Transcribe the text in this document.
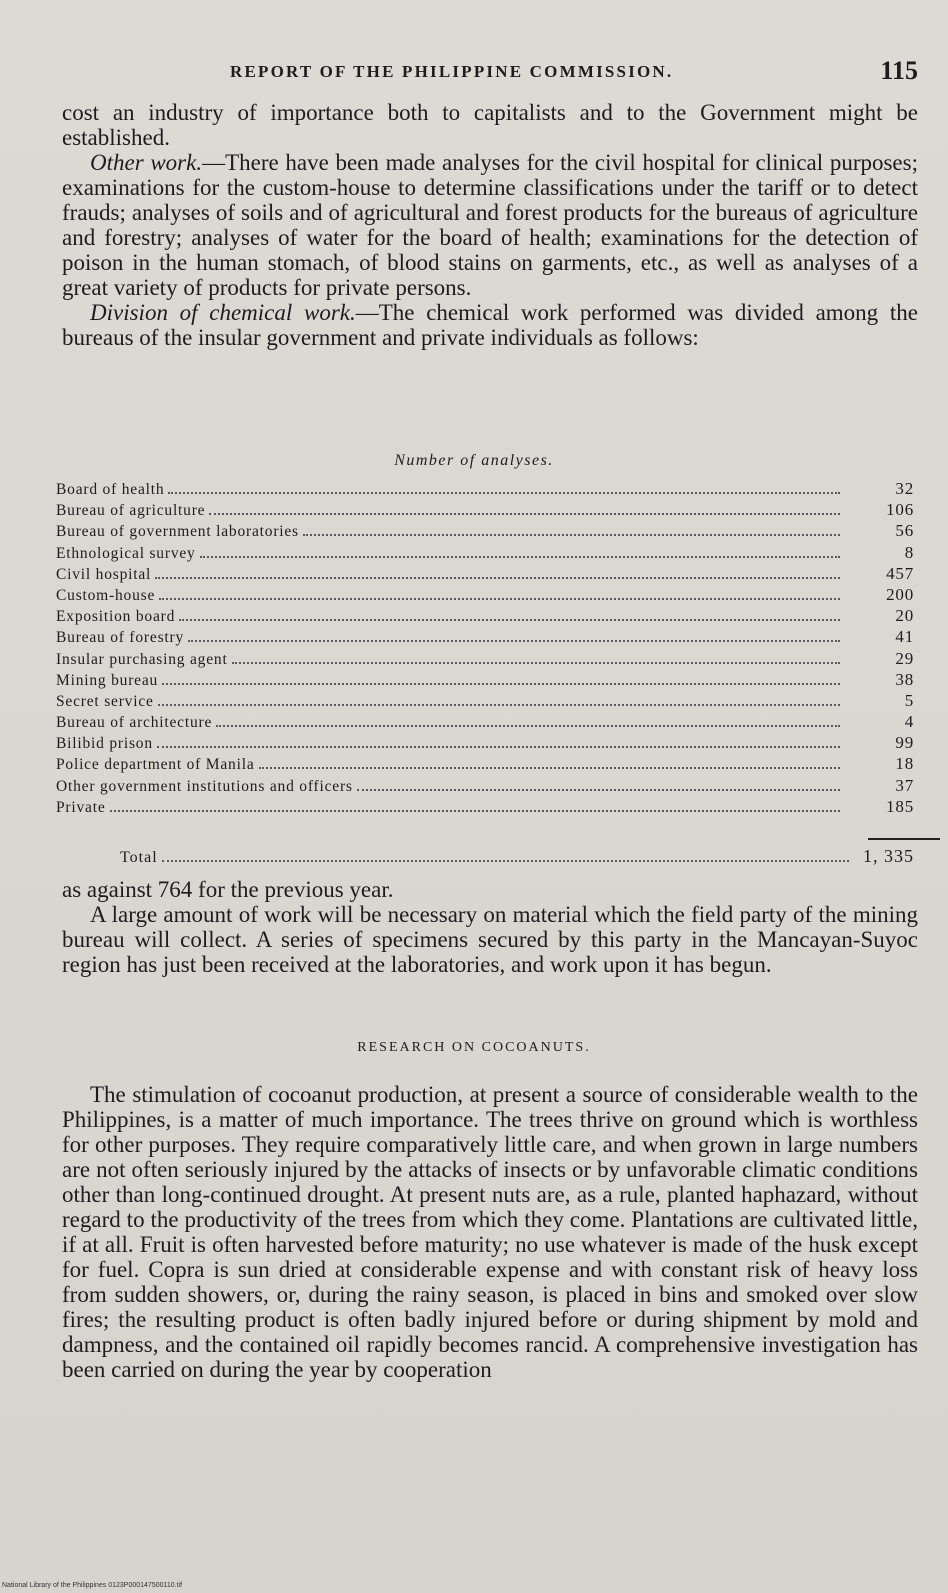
REPORT OF THE PHILIPPINE COMMISSION.	115

cost an industry of importance both to capitalists and to the Government might be established.

Other work.—There have been made analyses for the civil hospital for clinical purposes; examinations for the custom-house to determine classifications under the tariff or to detect frauds; analyses of soils and of agricultural and forest products for the bureaus of agriculture and forestry; analyses of water for the board of health; examinations for the detection of poison in the human stomach, of blood stains on garments, etc., as well as analyses of a great variety of products for private persons.

Division of chemical work.—The chemical work performed was divided among the bureaus of the insular government and private individuals as follows:

Number of analyses.
Board of health	32
Bureau of agriculture	106
Bureau of government laboratories	56
Ethnological survey	8
Civil hospital	457
Custom-house	200
Exposition board	20
Bureau of forestry	41
Insular purchasing agent	29
Mining bureau	38
Secret service	5
Bureau of architecture	4
Bilibid prison	99
Police department of Manila	18
Other government institutions and officers	37
Private	185
Total	1, 335

as against 764 for the previous year.

A large amount of work will be necessary on material which the field party of the mining bureau will collect. A series of specimens secured by this party in the Mancayan-Suyoc region has just been received at the laboratories, and work upon it has begun.

RESEARCH ON COCOANUTS.

The stimulation of cocoanut production, at present a source of considerable wealth to the Philippines, is a matter of much importance. The trees thrive on ground which is worthless for other purposes. They require comparatively little care, and when grown in large numbers are not often seriously injured by the attacks of insects or by unfavorable climatic conditions other than long-continued drought. At present nuts are, as a rule, planted haphazard, without regard to the productivity of the trees from which they come. Plantations are cultivated little, if at all. Fruit is often harvested before maturity; no use whatever is made of the husk except for fuel. Copra is sun dried at considerable expense and with constant risk of heavy loss from sudden showers, or, during the rainy season, is placed in bins and smoked over slow fires; the resulting product is often badly injured before or during shipment by mold and dampness, and the contained oil rapidly becomes rancid. A comprehensive investigation has been carried on during the year by cooperation

National Library of the Philippines 0123P000147500110.tif
